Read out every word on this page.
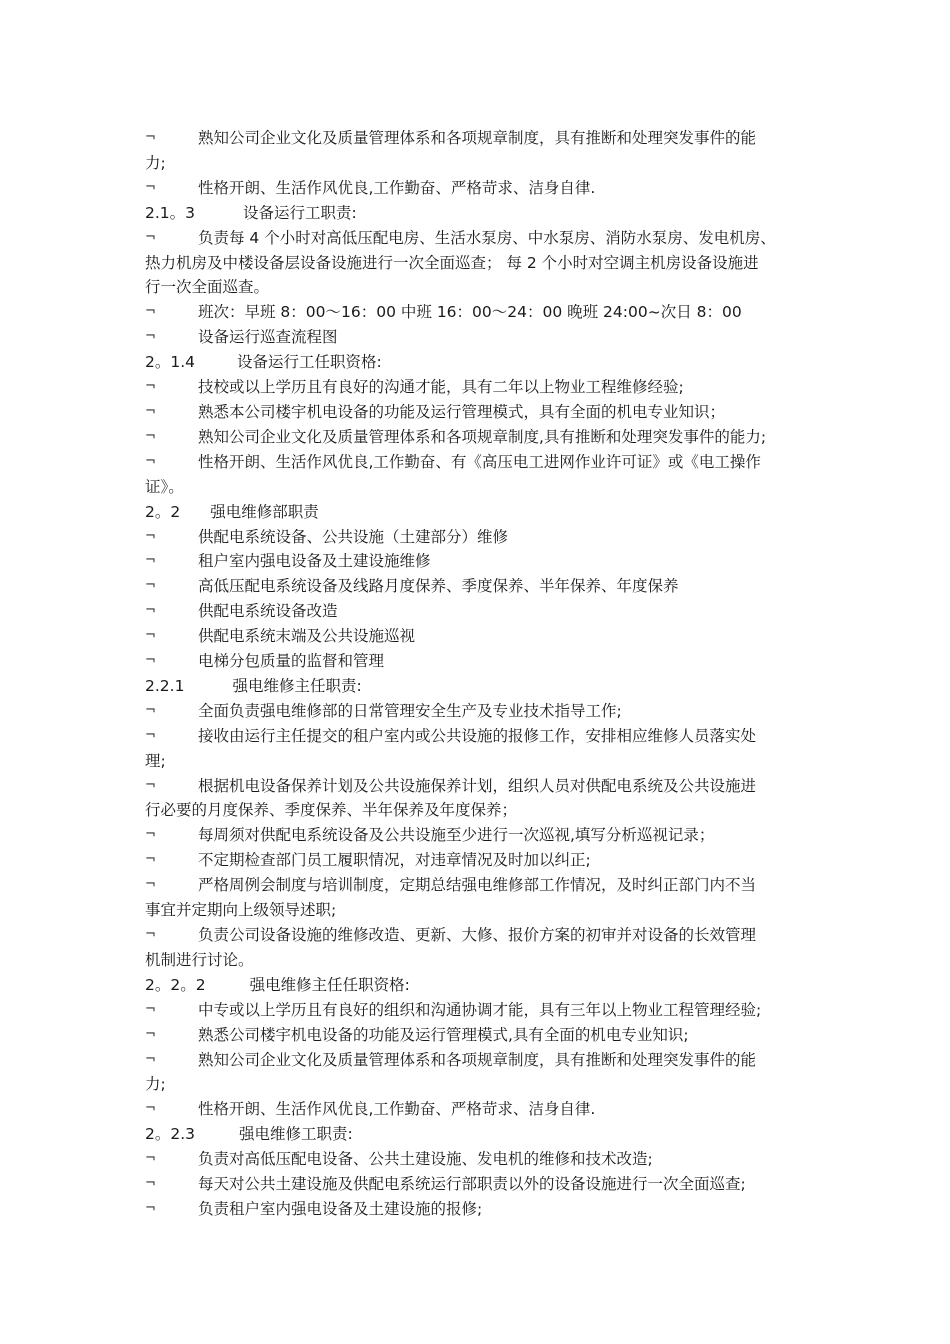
¬	熟知公司企业文化及质量管理体系和各项规章制度，具有推断和处理突发事件的能
力;
¬	性格开朗、生活作风优良,工作勤奋、严格苛求、洁身自律.
2.1。3	设备运行工职责:
¬	负责每 4 个小时对高低压配电房、生活水泵房、中水泵房、消防水泵房、发电机房、
热力机房及中楼设备层设备设施进行一次全面巡查； 每 2 个小时对空调主机房设备设施进
行一次全面巡查。
¬	班次：早班 8：00～16：00 中班 16：00～24：00 晚班 24:00~次日 8：00
¬	设备运行巡查流程图
2。1.4	设备运行工任职资格:
¬	技校或以上学历且有良好的沟通才能，具有二年以上物业工程维修经验;
¬	熟悉本公司楼宇机电设备的功能及运行管理模式，具有全面的机电专业知识；
¬	熟知公司企业文化及质量管理体系和各项规章制度,具有推断和处理突发事件的能力;
¬	性格开朗、生活作风优良,工作勤奋、有《高压电工进网作业许可证》或《电工操作
证》。
2。2 强电维修部职责
¬	供配电系统设备、公共设施（土建部分）维修
¬	租户室内强电设备及土建设施维修
¬	高低压配电系统设备及线路月度保养、季度保养、半年保养、年度保养
¬	供配电系统设备改造
¬	供配电系统末端及公共设施巡视
¬	电梯分包质量的监督和管理
2.2.1	强电维修主任职责:
¬	全面负责强电维修部的日常管理安全生产及专业技术指导工作;
¬	接收由运行主任提交的租户室内或公共设施的报修工作，安排相应维修人员落实处
理;
¬	根据机电设备保养计划及公共设施保养计划，组织人员对供配电系统及公共设施进
行必要的月度保养、季度保养、半年保养及年度保养；
¬	每周须对供配电系统设备及公共设施至少进行一次巡视,填写分析巡视记录；
¬	不定期检查部门员工履职情况，对违章情况及时加以纠正;
¬	严格周例会制度与培训制度，定期总结强电维修部工作情况，及时纠正部门内不当
事宜并定期向上级领导述职;
¬	负责公司设备设施的维修改造、更新、大修、报价方案的初审并对设备的长效管理
机制进行讨论。
2。2。2	强电维修主任任职资格:
¬	中专或以上学历且有良好的组织和沟通协调才能，具有三年以上物业工程管理经验;
¬	熟悉公司楼宇机电设备的功能及运行管理模式,具有全面的机电专业知识;
¬	熟知公司企业文化及质量管理体系和各项规章制度，具有推断和处理突发事件的能
力;
¬	性格开朗、生活作风优良,工作勤奋、严格苛求、洁身自律.
2。2.3	强电维修工职责:
¬	负责对高低压配电设备、公共土建设施、发电机的维修和技术改造;
¬	每天对公共土建设施及供配电系统运行部职责以外的设备设施进行一次全面巡查;
¬	负责租户室内强电设备及土建设施的报修;
